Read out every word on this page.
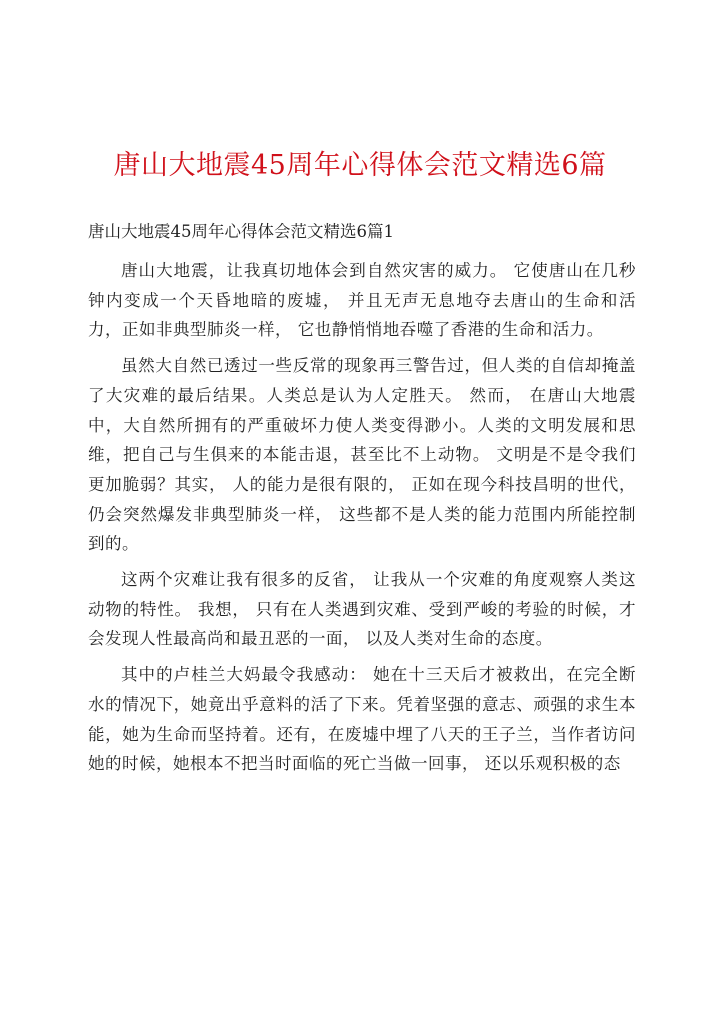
唐山大地震45周年心得体会范文精选6篇

唐山大地震45周年心得体会范文精选6篇1

唐山大地震，让我真切地体会到自然灾害的威力。 它使唐山在几秒钟内变成一个天昏地暗的废墟， 并且无声无息地夺去唐山的生命和活力，正如非典型肺炎一样， 它也静悄悄地吞噬了香港的生命和活力。

虽然大自然已透过一些反常的现象再三警告过，但人类的自信却掩盖了大灾难的最后结果。人类总是认为人定胜天。 然而， 在唐山大地震中，大自然所拥有的严重破坏力使人类变得渺小。人类的文明发展和思维，把自己与生俱来的本能击退，甚至比不上动物。 文明是不是令我们更加脆弱？其实， 人的能力是很有限的， 正如在现今科技昌明的世代， 仍会突然爆发非典型肺炎一样， 这些都不是人类的能力范围内所能控制到的。

这两个灾难让我有很多的反省， 让我从一个灾难的角度观察人类这动物的特性。 我想， 只有在人类遇到灾难、受到严峻的考验的时候，才会发现人性最高尚和最丑恶的一面， 以及人类对生命的态度。

其中的卢桂兰大妈最令我感动： 她在十三天后才被救出，在完全断水的情况下，她竟出乎意料的活了下来。凭着坚强的意志、顽强的求生本能，她为生命而坚持着。还有，在废墟中埋了八天的王子兰，当作者访问她的时候，她根本不把当时面临的死亡当做一回事， 还以乐观积极的态
